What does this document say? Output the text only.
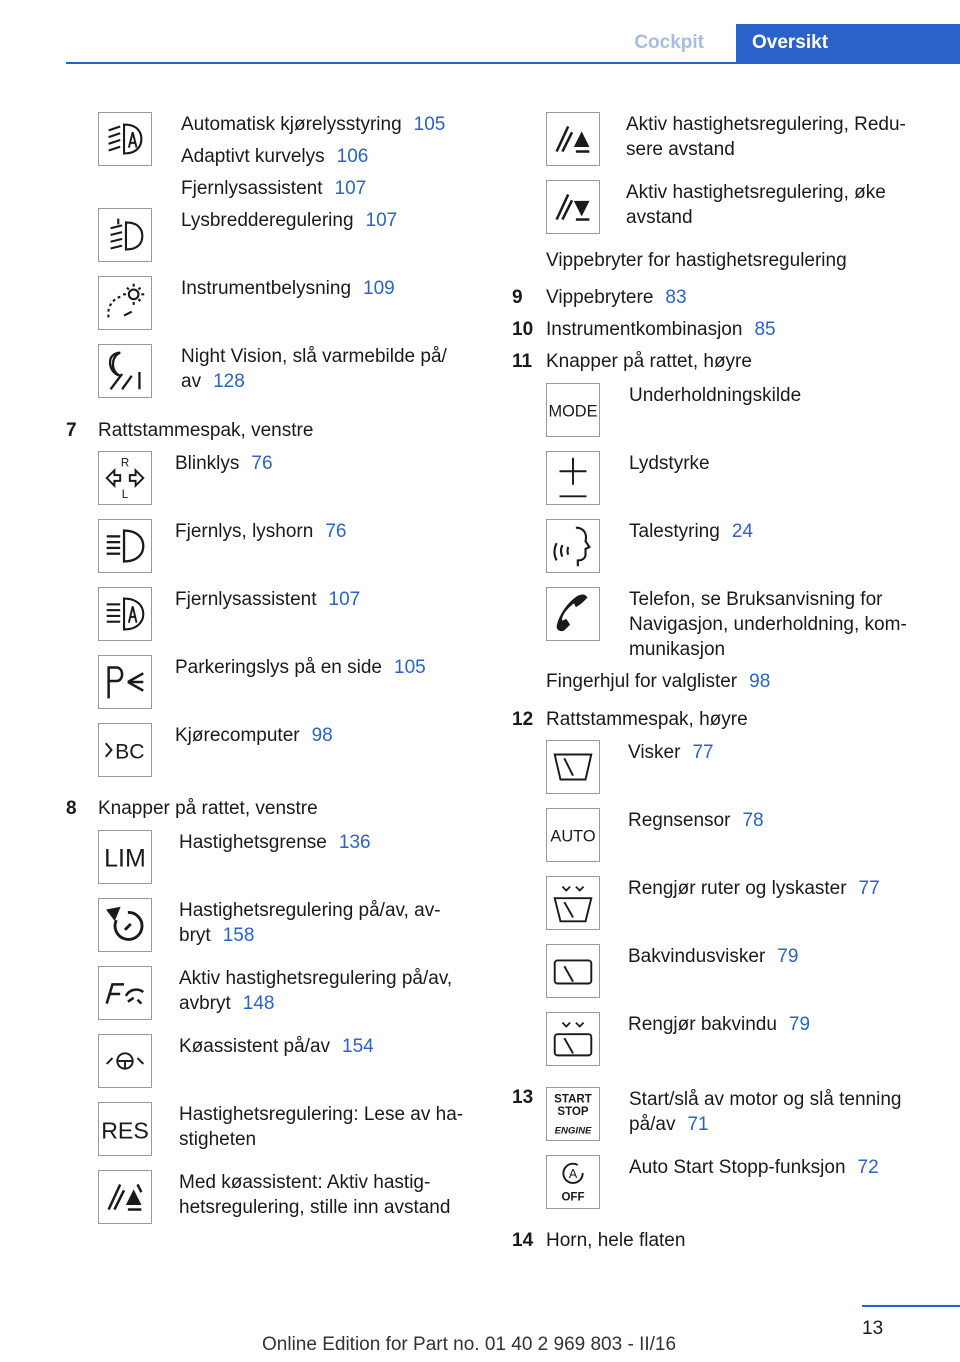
Cockpit	Oversikt
Automatisk kjørelysstyring 105
Adaptivt kurvelys 106
Fjernlysassistent 107
Lysbredderegulering 107
Instrumentbelysning 109
Night Vision, slå varmebilde på/
av 128
7 Rattstammespak, venstre
R
L
Blinklys 76
Fjernlys, lyshorn 76
Fjernlysassistent 107
Parkeringslys på en side 105
BC
Kjørecomputer 98
8 Knapper på rattet, venstre
LIM
Hastighetsgrense 136
Hastighetsregulering på/av, av-
bryt 158
Aktiv hastighetsregulering på/av,
avbryt 148
Køassistent på/av 154
RES
Hastighetsregulering: Lese av ha-
stigheten
Med køassistent: Aktiv hastig-
hetsregulering, stille inn avstand
Aktiv hastighetsregulering, Redu-
sere avstand
Aktiv hastighetsregulering, øke
avstand
Vippebryter for hastighetsregulering
9 Vippebrytere 83
10 Instrumentkombinasjon 85
11 Knapper på rattet, høyre
MODE
Underholdningskilde
Lydstyrke
Talestyring 24
Telefon, se Bruksanvisning for
Navigasjon, underholdning, kom-
munikasjon
Fingerhjul for valglister 98
12 Rattstammespak, høyre
Visker 77
AUTO
Regnsensor 78
Rengjør ruter og lyskaster 77
Bakvindusvisker 79
Rengjør bakvindu 79
13 START
STOP
ENGINE
Start/slå av motor og slå tenning
på/av 71
A
OFF
Auto Start Stopp-funksjon 72
14 Horn, hele flaten
13
Online Edition for Part no. 01 40 2 969 803 - II/16
